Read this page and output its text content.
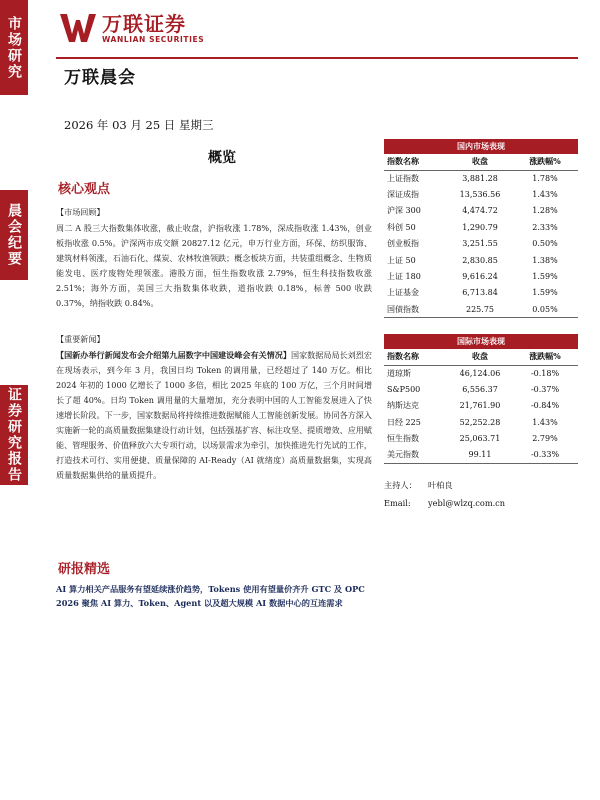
市场研究
晨会纪要
证券研究报告
万联证券
WANLIAN SECURITIES
万联晨会
2026 年 03 月 25 日 星期三
概览
核心观点
【市场回顾】
周二 A 股三大指数集体收涨，截止收盘，沪指收涨 1.78%，深成指收涨 1.43%，创业板指收涨 0.5%。沪深两市成交额 20827.12 亿元，申万行业方面，环保、纺织服饰、建筑材料领涨，石油石化、煤炭、农林牧渔领跌；概念板块方面，共装重组概念、生物质能发电、医疗废物处理领涨。港股方面，恒生指数收涨 2.79%，恒生科技指数收涨 2.51%；海外方面，美国三大指数集体收跌，道指收跌 0.18%，标普 500 收跌 0.37%，纳指收跌 0.84%。
【重要新闻】
【国新办举行新闻发布会介绍第九届数字中国建设峰会有关情况】国家数据局局长刘烈宏在现场表示，到今年 3 月，我国日均 Token 的调用量，已经超过了 140 万亿。相比 2024 年初的 1000 亿增长了 1000 多倍，相比 2025 年底的 100 万亿，三个月时间增长了超 40%。日均 Token 调用量的大量增加，充分表明中国的人工智能发展进入了快速增长阶段。下一步，国家数据局将持续推进数据赋能人工智能创新发展。协同各方深入实施新一轮的高质量数据集建设行动计划，包括强基扩容、标注攻坚、提质增效、应用赋能、管理服务、价值释放六大专项行动，以场景需求为牵引，加快推进先行先试的工作，打造技术可行、实用便捷、质量保障的 AI-Ready（AI 就绪度）高质量数据集，实现高质量数据集供给的量质提升。
研报精选
AI 算力相关产品服务有望延续涨价趋势，Tokens 使用有望量价齐升 GTC 及 OPC 2026 聚焦 AI 算力、Token、Agent 以及超大规模 AI 数据中心的互连需求
国内市场表现		
指数名称	收盘	涨跌幅%
上证指数	3,881.28	1.78%
深证成指	13,536.56	1.43%
沪深 300	4,474.72	1.28%
科创 50	1,290.79	2.33%
创业板指	3,251.55	0.50%
上证 50	2,830.85	1.38%
上证 180	9,616.24	1.59%
上证基金	6,713.84	1.59%
国债指数	225.75	0.05%
国际市场表现		
指数名称	收盘	涨跌幅%
道琼斯	46,124.06	-0.18%
S&P500	6,556.37	-0.37%
纳斯达克	21,761.90	-0.84%
日经 225	52,252.28	1.43%
恒生指数	25,063.71	2.79%
美元指数	99.11	-0.33%
主持人： 叶柏良
Email: yebl@wlzq.com.cn
